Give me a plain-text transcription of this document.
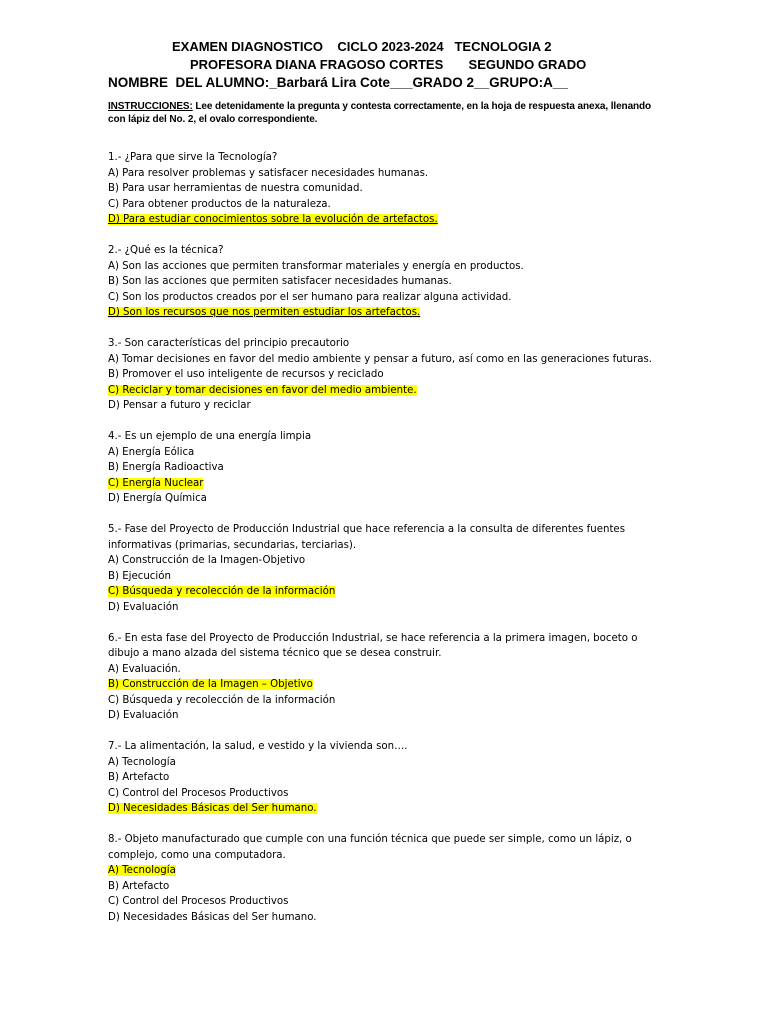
EXAMEN DIAGNOSTICO    CICLO 2023-2024   TECNOLOGIA 2
PROFESORA DIANA FRAGOSO CORTES       SEGUNDO GRADO
NOMBRE  DEL ALUMNO:_Barbará Lira Cote___GRADO 2__GRUPO:A__
INSTRUCCIONES: Lee detenidamente la pregunta y contesta correctamente, en la hoja de respuesta anexa, llenando con lápiz del No. 2, el ovalo correspondiente.
1.- ¿Para que sirve la Tecnología?
A) Para resolver problemas y satisfacer necesidades humanas.
B) Para usar herramientas de nuestra comunidad.
C) Para obtener productos de la naturaleza.
D) Para estudiar conocimientos sobre la evolución de artefactos.
2.- ¿Qué es la técnica?
A) Son las acciones que permiten transformar materiales y energía en productos.
B) Son las acciones que permiten satisfacer necesidades humanas.
C) Son los productos creados por el ser humano para realizar alguna actividad.
D) Son los recursos que nos permiten estudiar los artefactos.
3.- Son características del principio precautorio
A) Tomar decisiones en favor del medio ambiente y pensar a futuro, así como en las generaciones futuras.
B) Promover el uso inteligente de recursos y reciclado
C) Reciclar y tomar decisiones en favor del medio ambiente.
D) Pensar a futuro y reciclar
4.- Es un ejemplo de una energía limpia
A) Energía Eólica
B) Energía Radioactiva
C) Energía Nuclear
D) Energía Química
5.- Fase del Proyecto de Producción Industrial que hace referencia a la consulta de diferentes fuentes informativas (primarias, secundarias, terciarias).
A) Construcción de la Imagen-Objetivo
B) Ejecución
C) Búsqueda y recolección de la información
D) Evaluación
6.- En esta fase del Proyecto de Producción Industrial, se hace referencia a la primera imagen, boceto o dibujo a mano alzada del sistema técnico que se desea construir.
A) Evaluación.
B) Construcción de la Imagen – Objetivo
C) Búsqueda y recolección de la información
D) Evaluación
7.- La alimentación, la salud, e vestido y la vivienda son….
A) Tecnología
B) Artefacto
C) Control del Procesos Productivos
D) Necesidades Básicas del Ser humano.
8.- Objeto manufacturado que cumple con una función técnica que puede ser simple, como un lápiz, o complejo, como una computadora.
A) Tecnología
B) Artefacto
C) Control del Procesos Productivos
D) Necesidades Básicas del Ser humano.
